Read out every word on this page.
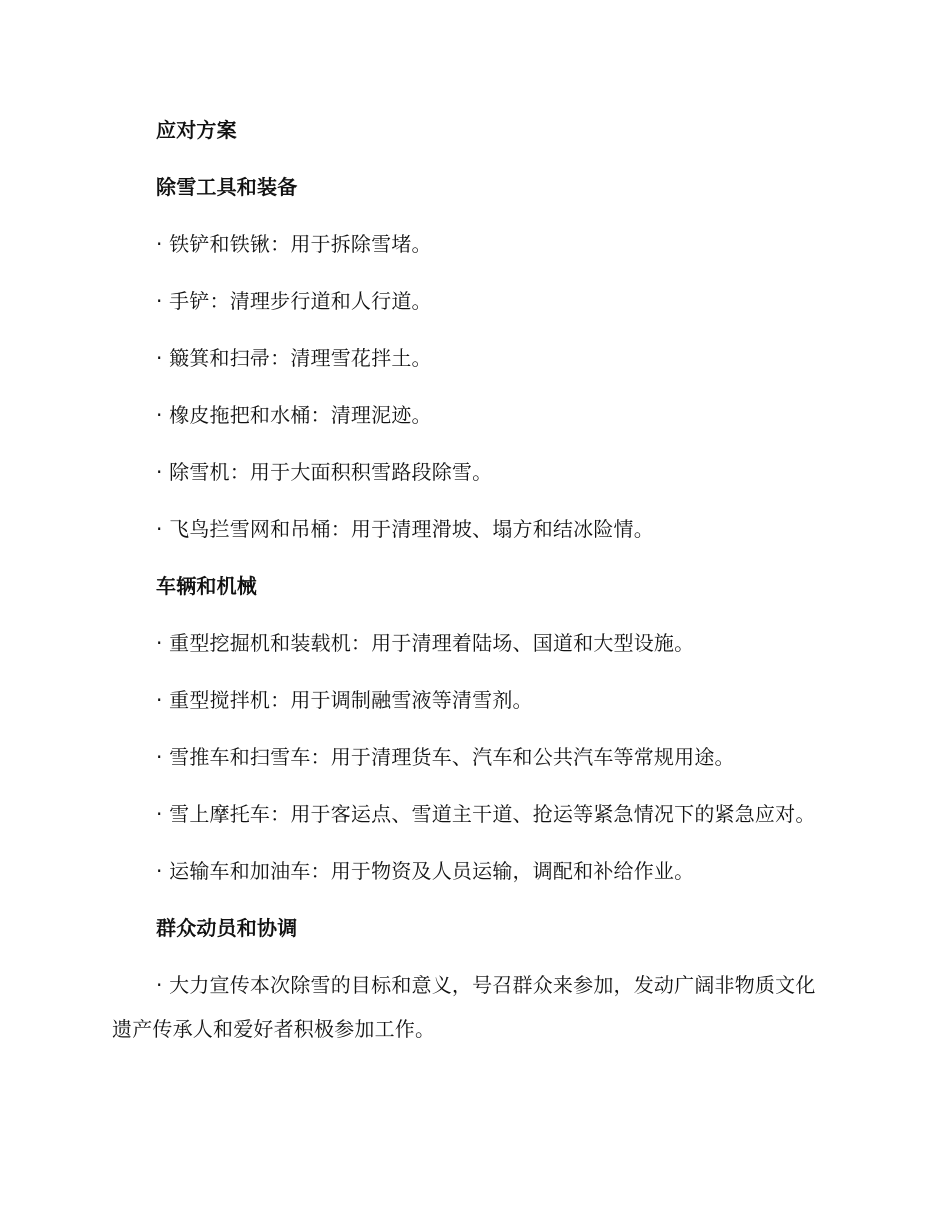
应对方案

除雪工具和装备

· 铁铲和铁锹：用于拆除雪堵。

· 手铲：清理步行道和人行道。

· 簸箕和扫帚：清理雪花拌土。

· 橡皮拖把和水桶：清理泥迹。

· 除雪机：用于大面积积雪路段除雪。

· 飞鸟拦雪网和吊桶：用于清理滑坡、塌方和结冰险情。

车辆和机械

· 重型挖掘机和装载机：用于清理着陆场、国道和大型设施。

· 重型搅拌机：用于调制融雪液等清雪剂。

· 雪推车和扫雪车：用于清理货车、汽车和公共汽车等常规用途。

· 雪上摩托车：用于客运点、雪道主干道、抢运等紧急情况下的紧急应对。

· 运输车和加油车：用于物资及人员运输，调配和补给作业。

群众动员和协调

· 大力宣传本次除雪的目标和意义，号召群众来参加，发动广阔非物质文化遗产传承人和爱好者积极参加工作。
